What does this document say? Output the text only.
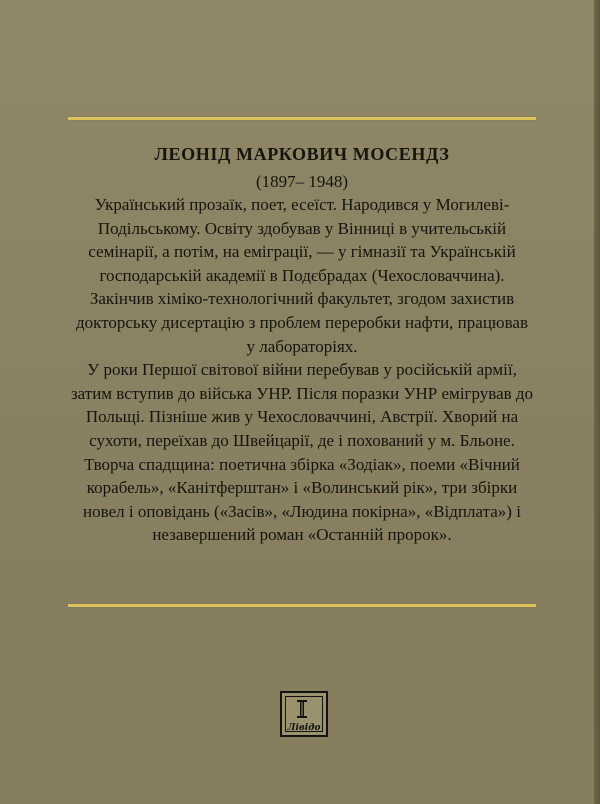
ЛЕОНІД МАРКОВИЧ МОСЕНДЗ

(1897– 1948)

Український прозаїк, поет, есеїст. Народився у Могилеві-Подільському. Освіту здобував у Вінниці в учительській семінарії, а потім, на еміграції, — у гімназії та Українській господарській академії в Подєбрадах (Чехословаччина).

Закінчив хіміко-технологічний факультет, згодом захистив докторську дисертацію з проблем переробки нафти, працював у лабораторіях.

У роки Першої світової війни перебував у російській армії, затим вступив до війська УНР. Після поразки УНР емігрував до Польщі. Пізніше жив у Чехословаччині, Австрії. Хворий на сухоти, переїхав до Швейцарії, де і похований у м. Бльоне.

Творча спадщина: поетична збірка «Зодіак», поеми «Вічний корабель», «Канітферштан» і «Волинський рік», три збірки новел і оповідань («Засів», «Людина покірна», «Відплата») і незавершений роман «Останній пророк».

Лівідо
